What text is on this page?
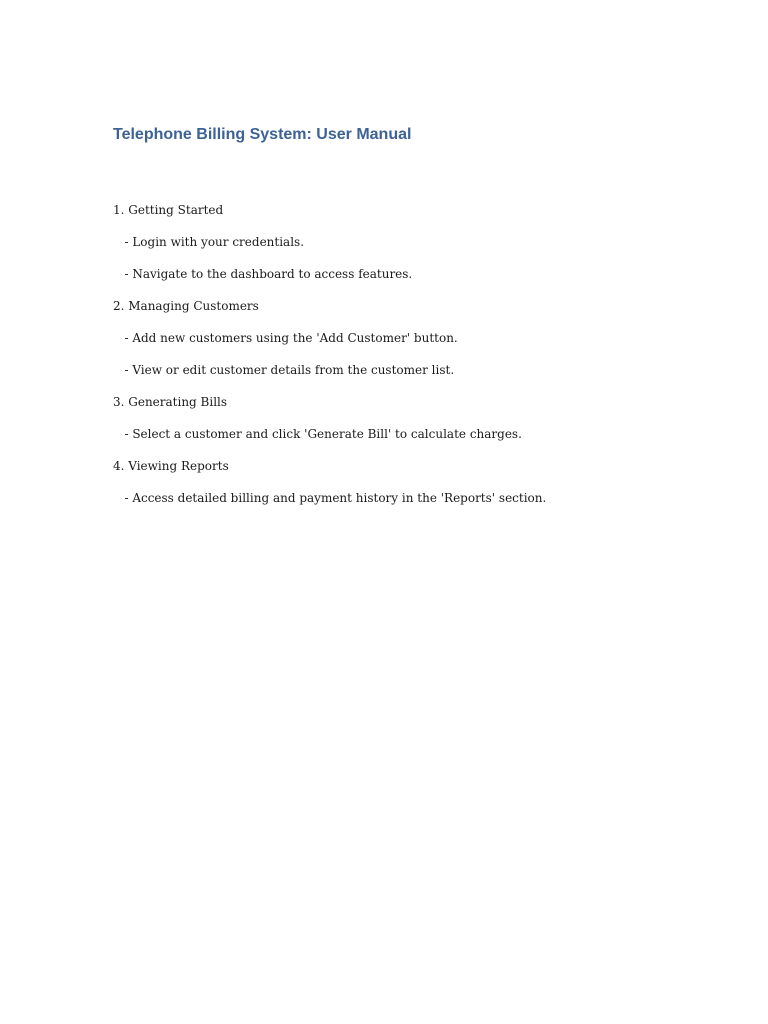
Telephone Billing System: User Manual

1. Getting Started

- Login with your credentials.

- Navigate to the dashboard to access features.

2. Managing Customers

- Add new customers using the 'Add Customer' button.

- View or edit customer details from the customer list.

3. Generating Bills

- Select a customer and click 'Generate Bill' to calculate charges.

4. Viewing Reports

- Access detailed billing and payment history in the 'Reports' section.
